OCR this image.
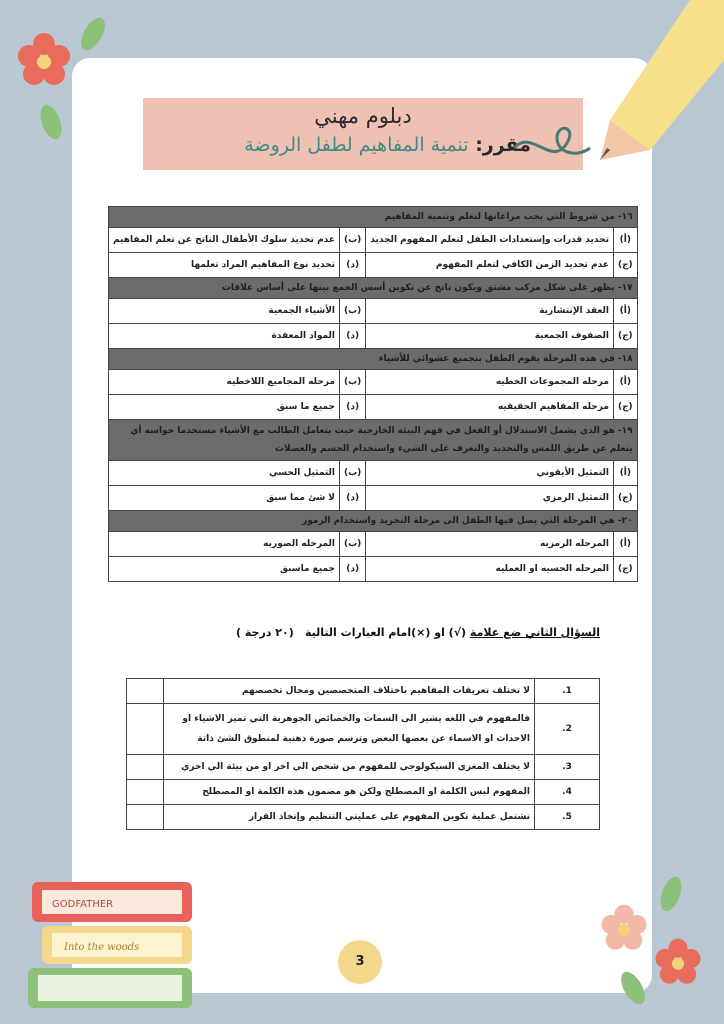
دبلوم مهني
مقرر: تنمية المفاهيم لطفل الروضة
١٦- من شروط التي يجب مراعاتها لتعلم وتنمية المفاهيم			
(أ)	تحديد قدرات وإستعدادات الطفل لتعلم المفهوم الجديد	(ب)	عدم تحديد سلوك الأطفال الناتج عن تعلم المفاهيم
(ج)	عدم تحديد الزمن الكافي لتعلم المفهوم	(د)	تحديد نوع المفاهيم المراد تعلمها
١٧- يظهر على شكل مركب مشتق ويكون ناتج عن تكوين أسس الجمع بينها على أساس علاقات			
(أ)	العقد الإنتشارية	(ب)	الأشياء الجمعية
(ج)	الصفوف الجمعية	(د)	المواد المعقدة
١٨- في هذه المرحلة يقوم الطفل بتجميع عشوائي للأشياء			
(أ)	مرحله المجموعات الخطيه	(ب)	مرحله المجاميع اللاخطيه
(ج)	مرحله المفاهيم الحقيقيه	(د)	جميع ما سبق
١٩- هو الذي يشمل الاستدلال أو الفعل في فهم البيئة الخارجية حيث يتعامل الطالب مع الأشياء مستخدما حواسه أي يتعلم عن طريق اللمس والتحديد والتعرف على الشيء واستخدام الجسم والعضلات			
(أ)	التمثيل الأيقوني	(ب)	التمثيل الحسي
(ج)	التمثيل الرمزي	(د)	لا شئ مما سبق
٢٠- هي المرحلة التي يصل فيها الطفل الى مرحلة التجريد واستخدام الرموز			
(أ)	المرحله الرمزيه	(ب)	المرحله الصوريه
(ج)	المرحله الحسيه او العمليه	(د)	جميع ماسبق
السؤال الثاني ضع علامة (√) او (×)امام العبارات التالية
(٢٠ درجة )
1.	لا تختلف تعريفات المفاهيم باختلاف المتخصصين ومجال تخصصهم	
2.	فالمفهوم في اللغه يشير الى السمات والخصائص الجوهرية التي تميز الاشياء او الاحداث او الاسماء عن بعضها البعض وترسم صورة ذهنية لمنطوق الشئ ذاتة	
3.	لا يختلف المغزي السيكولوجي للمفهوم من شخص الي اخر او من بيئة الي اخري	
4.	المفهوم ليس الكلمة او المصطلح ولكن هو مضمون هذه الكلمة او المصطلح	
5.	تشتمل عملية تكوين المفهوم على عمليتي التنظيم وإتخاذ القرار	
GODFATHER
Into the woods
3
